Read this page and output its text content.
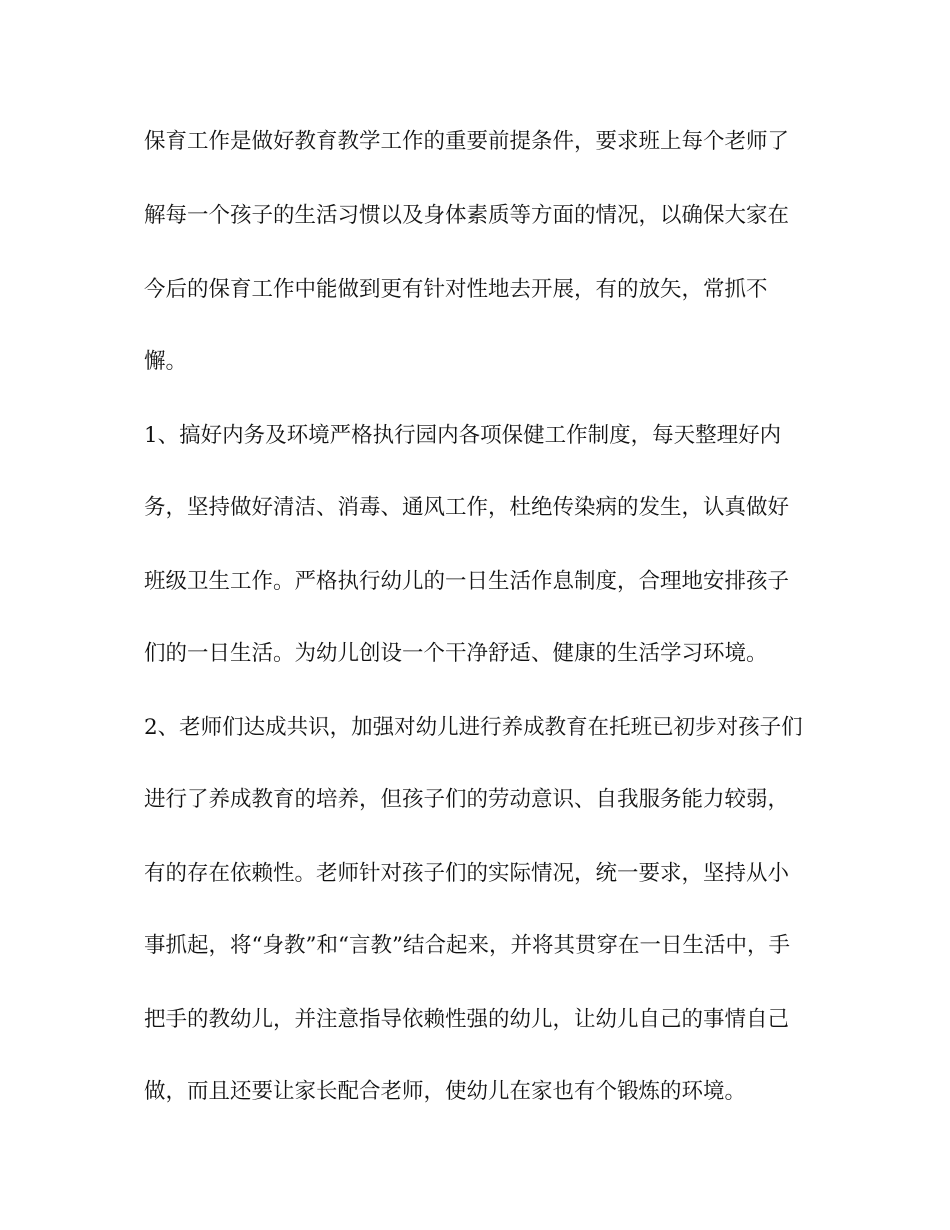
保育工作是做好教育教学工作的重要前提条件，要求班上每个老师了
解每一个孩子的生活习惯以及身体素质等方面的情况，以确保大家在
今后的保育工作中能做到更有针对性地去开展，有的放矢，常抓不
懈。
1、搞好内务及环境严格执行园内各项保健工作制度，每天整理好内
务，坚持做好清洁、消毒、通风工作，杜绝传染病的发生，认真做好
班级卫生工作。严格执行幼儿的一日生活作息制度，合理地安排孩子
们的一日生活。为幼儿创设一个干净舒适、健康的生活学习环境。
2、老师们达成共识，加强对幼儿进行养成教育在托班已初步对孩子们
进行了养成教育的培养，但孩子们的劳动意识、自我服务能力较弱，
有的存在依赖性。老师针对孩子们的实际情况，统一要求，坚持从小
事抓起，将“身教”和“言教”结合起来，并将其贯穿在一日生活中，手
把手的教幼儿，并注意指导依赖性强的幼儿，让幼儿自己的事情自己
做，而且还要让家长配合老师，使幼儿在家也有个锻炼的环境。
